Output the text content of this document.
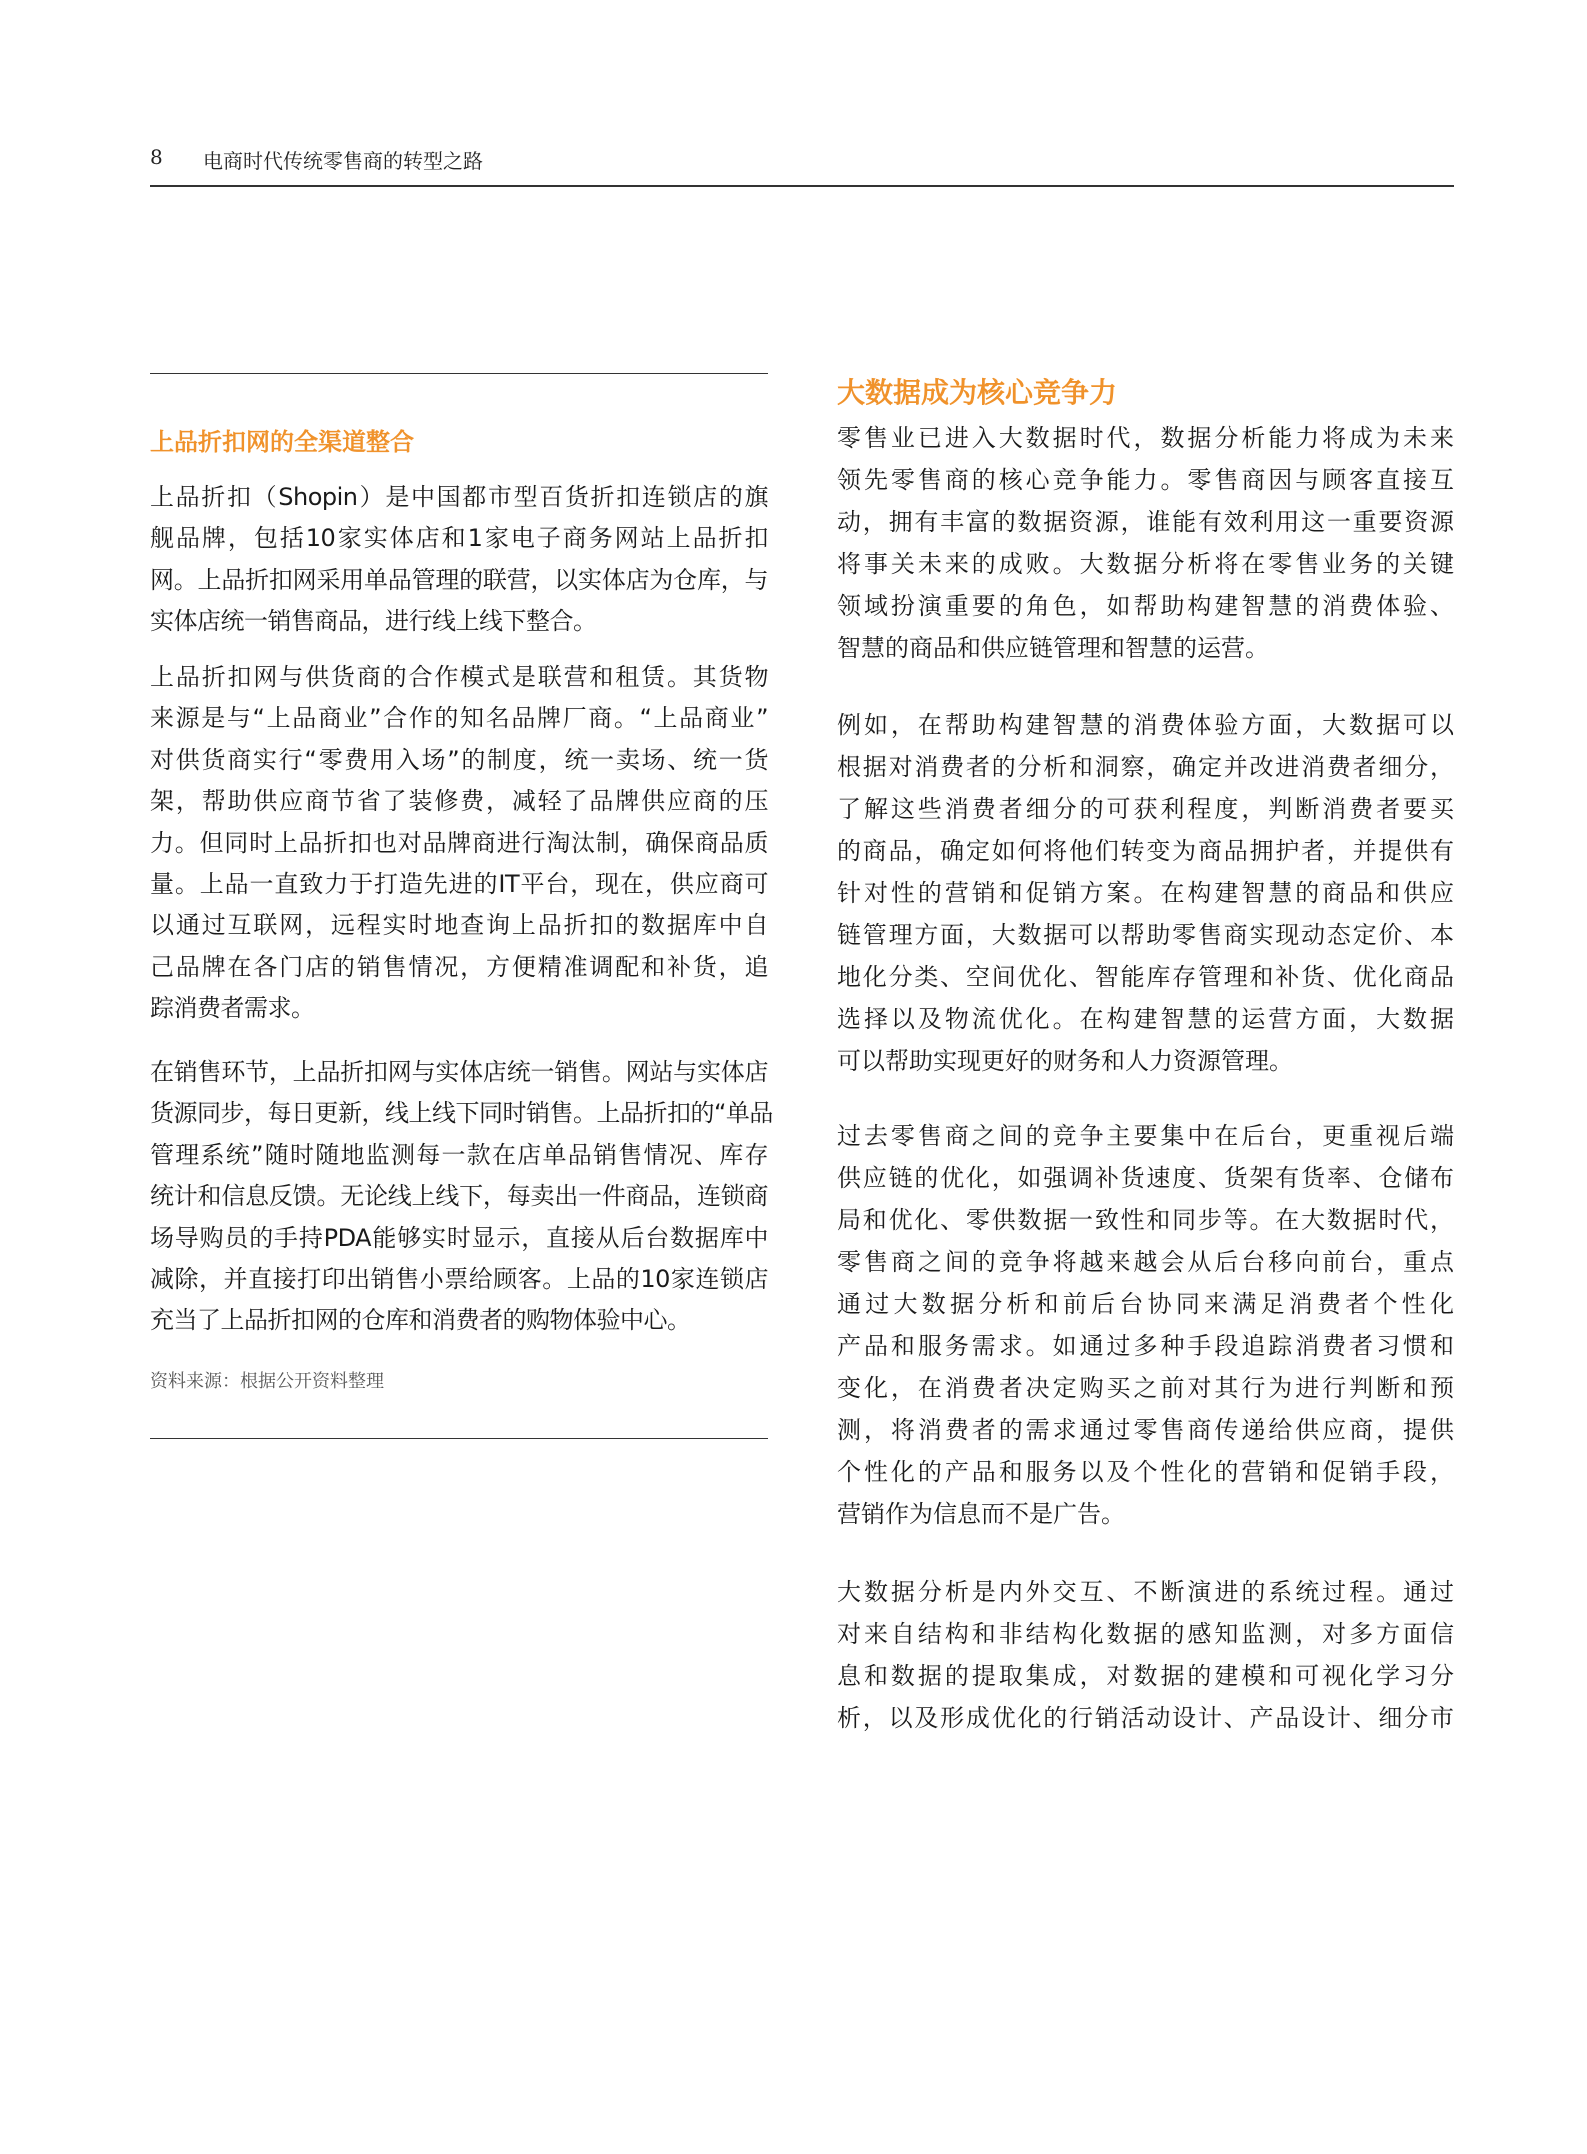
8	电商时代传统零售商的转型之路
上品折扣网的全渠道整合
上品折扣（Shopin）是中国都市型百货折扣连锁店的旗
舰品牌，包括10家实体店和1家电子商务网站上品折扣
网。上品折扣网采用单品管理的联营，以实体店为仓库，与
实体店统一销售商品，进行线上线下整合。
上品折扣网与供货商的合作模式是联营和租赁。其货物
来源是与“上品商业”合作的知名品牌厂商。“上品商业”
对供货商实行“零费用入场”的制度，统一卖场、统一货
架，帮助供应商节省了装修费，减轻了品牌供应商的压
力。但同时上品折扣也对品牌商进行淘汰制，确保商品质
量。上品一直致力于打造先进的IT平台，现在，供应商可
以通过互联网，远程实时地查询上品折扣的数据库中自
己品牌在各门店的销售情况，方便精准调配和补货，追
踪消费者需求。
在销售环节，上品折扣网与实体店统一销售。网站与实体店
货源同步，每日更新，线上线下同时销售。上品折扣的“单品
管理系统”随时随地监测每一款在店单品销售情况、库存
统计和信息反馈。无论线上线下，每卖出一件商品，连锁商
场导购员的手持PDA能够实时显示，直接从后台数据库中
减除，并直接打印出销售小票给顾客。上品的10家连锁店
充当了上品折扣网的仓库和消费者的购物体验中心。
资料来源：根据公开资料整理
大数据成为核心竞争力
零售业已进入大数据时代，数据分析能力将成为未来
领先零售商的核心竞争能力。零售商因与顾客直接互
动，拥有丰富的数据资源，谁能有效利用这一重要资源
将事关未来的成败。大数据分析将在零售业务的关键
领域扮演重要的角色，如帮助构建智慧的消费体验、
智慧的商品和供应链管理和智慧的运营。
例如，在帮助构建智慧的消费体验方面，大数据可以
根据对消费者的分析和洞察，确定并改进消费者细分，
了解这些消费者细分的可获利程度，判断消费者要买
的商品，确定如何将他们转变为商品拥护者，并提供有
针对性的营销和促销方案。在构建智慧的商品和供应
链管理方面，大数据可以帮助零售商实现动态定价、本
地化分类、空间优化、智能库存管理和补货、优化商品
选择以及物流优化。在构建智慧的运营方面，大数据
可以帮助实现更好的财务和人力资源管理。
过去零售商之间的竞争主要集中在后台，更重视后端
供应链的优化，如强调补货速度、货架有货率、仓储布
局和优化、零供数据一致性和同步等。在大数据时代，
零售商之间的竞争将越来越会从后台移向前台，重点
通过大数据分析和前后台协同来满足消费者个性化
产品和服务需求。如通过多种手段追踪消费者习惯和
变化，在消费者决定购买之前对其行为进行判断和预
测，将消费者的需求通过零售商传递给供应商，提供
个性化的产品和服务以及个性化的营销和促销手段，
营销作为信息而不是广告。
大数据分析是内外交互、不断演进的系统过程。通过
对来自结构和非结构化数据的感知监测，对多方面信
息和数据的提取集成，对数据的建模和可视化学习分
析，以及形成优化的行销活动设计、产品设计、细分市
